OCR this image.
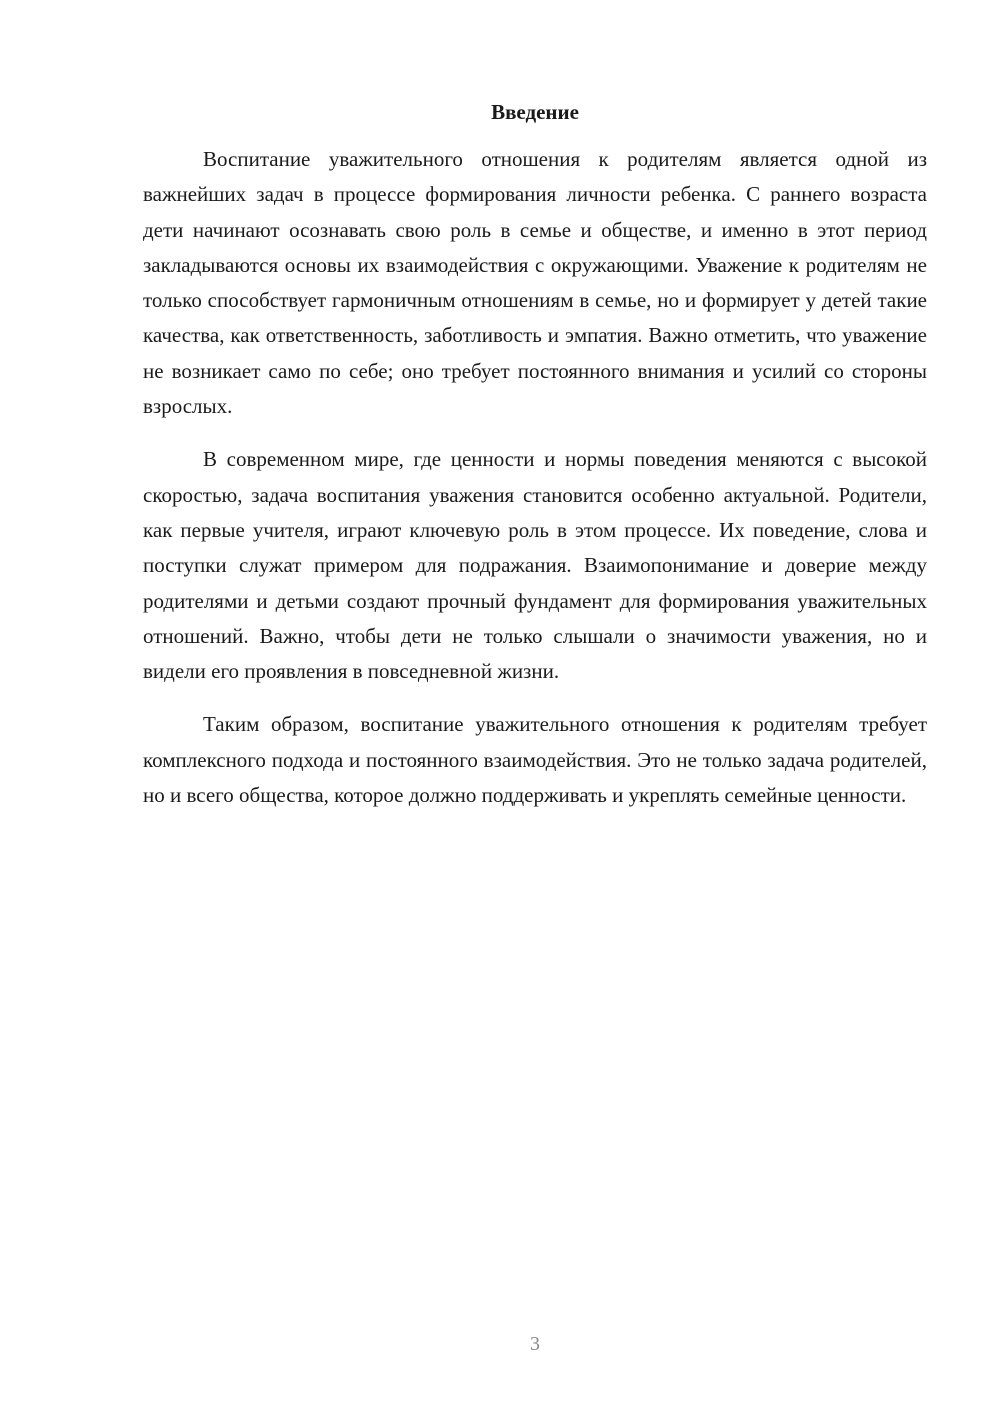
Введение

Воспитание уважительного отношения к родителям является одной из важнейших задач в процессе формирования личности ребенка. С раннего возраста дети начинают осознавать свою роль в семье и обществе, и именно в этот период закладываются основы их взаимодействия с окружающими. Уважение к родителям не только способствует гармоничным отношениям в семье, но и формирует у детей такие качества, как ответственность, заботливость и эмпатия. Важно отметить, что уважение не возникает само по себе; оно требует постоянного внимания и усилий со стороны взрослых.

В современном мире, где ценности и нормы поведения меняются с высокой скоростью, задача воспитания уважения становится особенно актуальной. Родители, как первые учителя, играют ключевую роль в этом процессе. Их поведение, слова и поступки служат примером для подражания. Взаимопонимание и доверие между родителями и детьми создают прочный фундамент для формирования уважительных отношений. Важно, чтобы дети не только слышали о значимости уважения, но и видели его проявления в повседневной жизни.

Таким образом, воспитание уважительного отношения к родителям требует комплексного подхода и постоянного взаимодействия. Это не только задача родителей, но и всего общества, которое должно поддерживать и укреплять семейные ценности.

3
